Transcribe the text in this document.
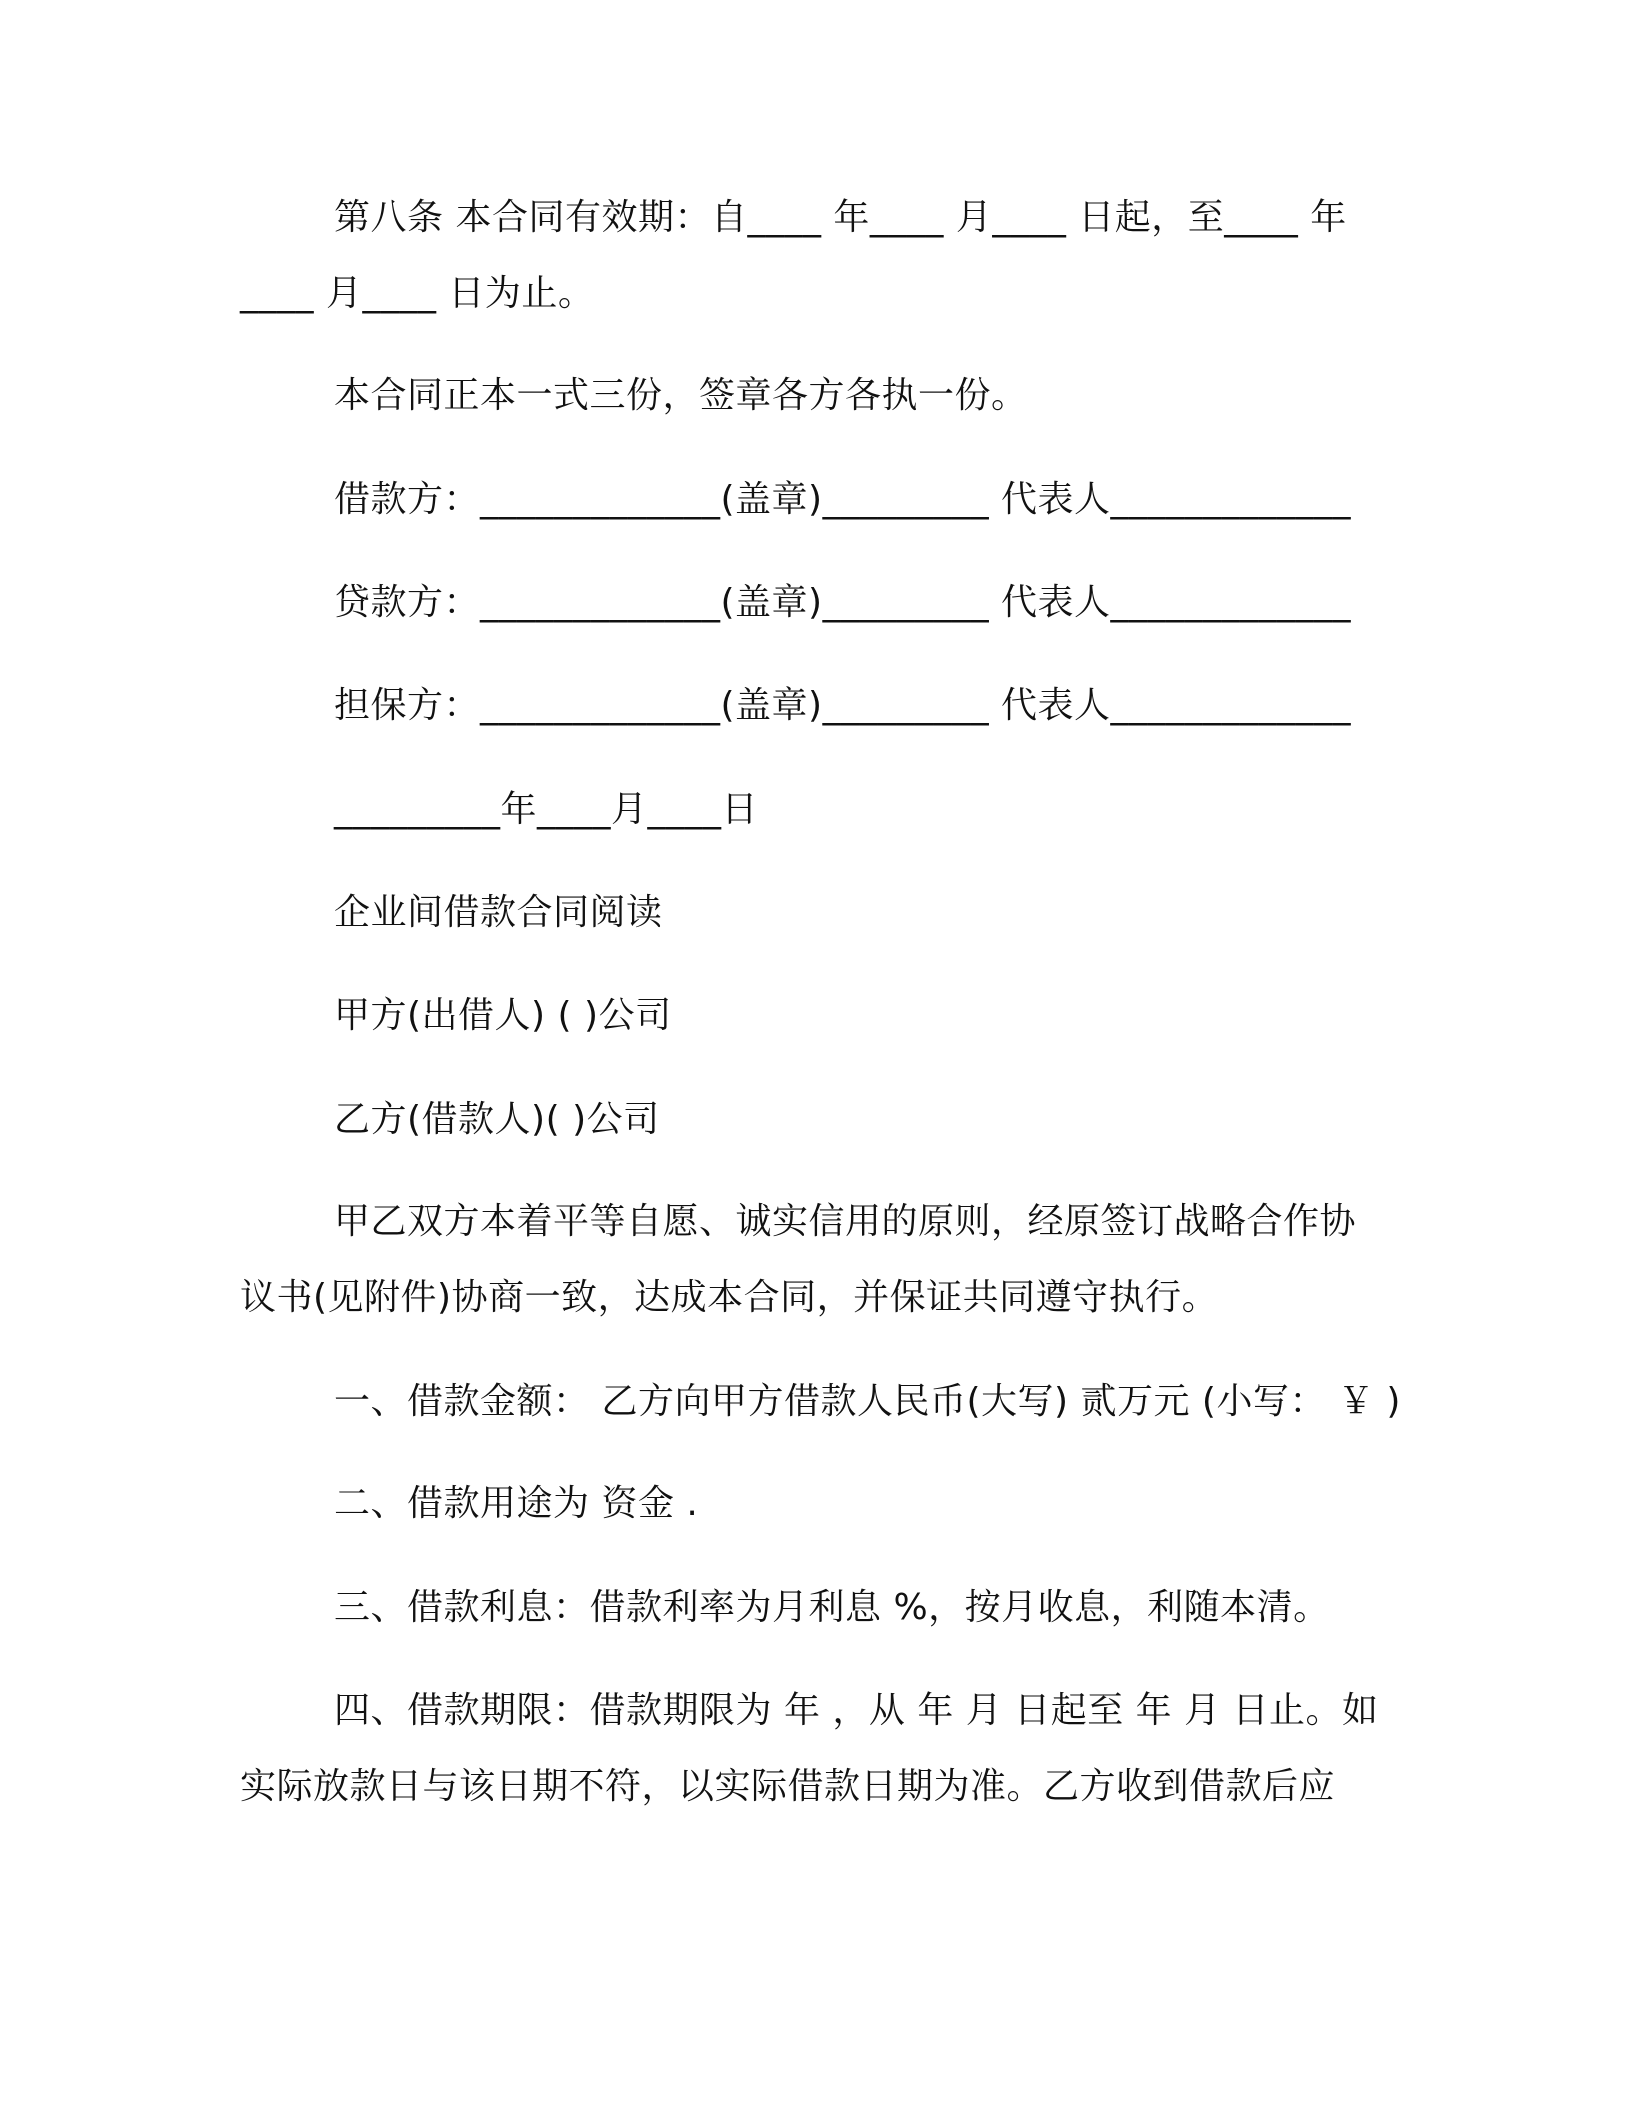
第八条 本合同有效期：自____ 年____ 月____ 日起，至____ 年
____ 月____ 日为止。
本合同正本一式三份，签章各方各执一份。
借款方：_____________(盖章)_________ 代表人_____________
贷款方：_____________(盖章)_________ 代表人_____________
担保方：_____________(盖章)_________ 代表人_____________
_________年____月____日
企业间借款合同阅读
甲方(出借人) ( )公司
乙方(借款人)( )公司
甲乙双方本着平等自愿、诚实信用的原则，经原签订战略合作协
议书(见附件)协商一致，达成本合同，并保证共同遵守执行。
一、借款金额： 乙方向甲方借款人民币(大写) 贰万元 (小写： ￥ )
二、借款用途为 资金 .
三、借款利息：借款利率为月利息 %，按月收息，利随本清。
四、借款期限：借款期限为 年 ，从 年 月 日起至 年 月 日止。如
实际放款日与该日期不符，以实际借款日期为准。乙方收到借款后应
